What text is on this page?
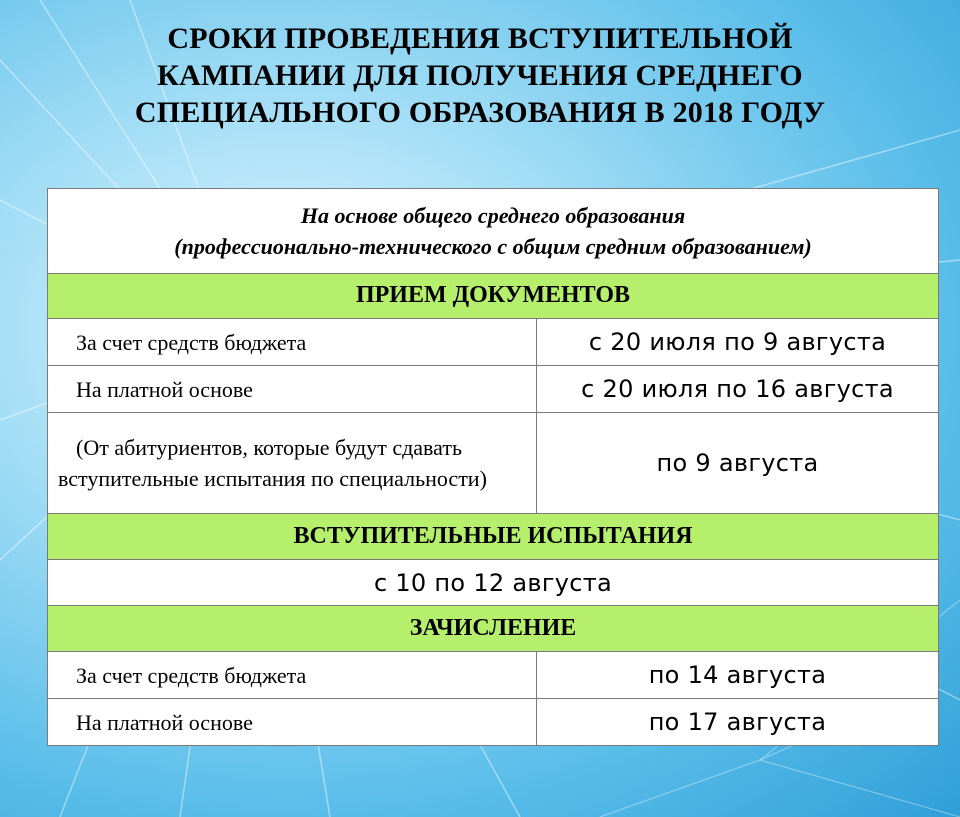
СРОКИ ПРОВЕДЕНИЯ ВСТУПИТЕЛЬНОЙ
КАМПАНИИ ДЛЯ ПОЛУЧЕНИЯ СРЕДНЕГО
СПЕЦИАЛЬНОГО ОБРАЗОВАНИЯ В 2018 ГОДУ
На основе общего среднего образования
(профессионально-технического с общим средним образованием)	

ПРИЕМ ДОКУМЕНТОВ	
За счет средств бюджета	с 20 июля по 9 августа
На платной основе	с 20 июля по 16 августа
(От абитуриентов, которые будут сдавать вступительные испытания по специальности)	по 9 августа
ВСТУПИТЕЛЬНЫЕ ИСПЫТАНИЯ	
с 10 по 12 августа	
ЗАЧИСЛЕНИЕ	
За счет средств бюджета	по 14 августа
На платной основе	по 17 августа
